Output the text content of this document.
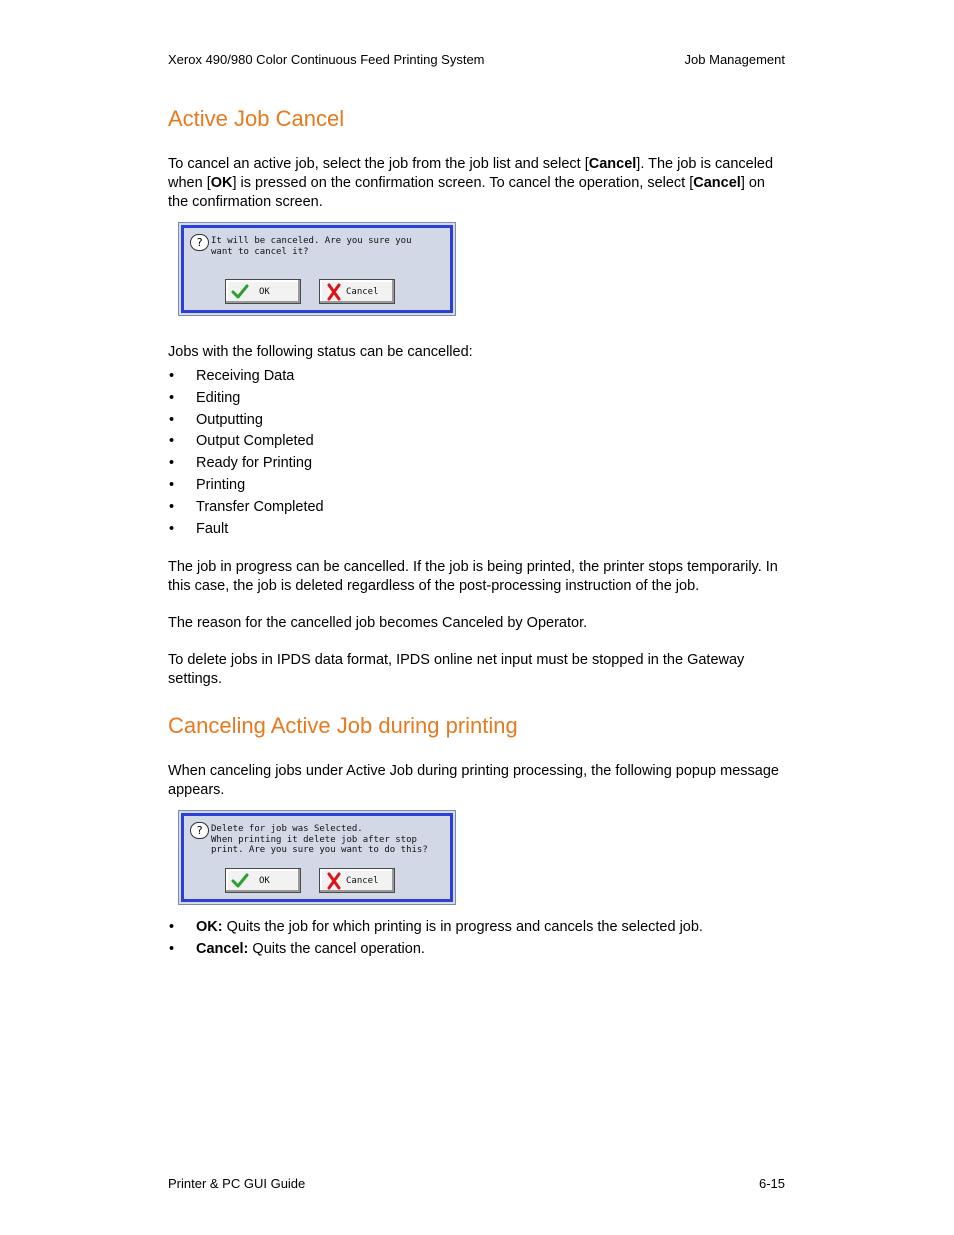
Xerox 490/980 Color Continuous Feed Printing System	Job Management
Active Job Cancel

To cancel an active job, select the job from the job list and select [Cancel]. The job is canceled when [OK] is pressed on the confirmation screen. To cancel the operation, select [Cancel] on the confirmation screen.

? It will be canceled. Are you sure you
want to cancel it?
OK	Cancel

Jobs with the following status can be cancelled:

• Receiving Data
• Editing
• Outputting
• Output Completed
• Ready for Printing
• Printing
• Transfer Completed
• Fault

The job in progress can be cancelled. If the job is being printed, the printer stops temporarily. In this case, the job is deleted regardless of the post-processing instruction of the job.

The reason for the cancelled job becomes Canceled by Operator.

To delete jobs in IPDS data format, IPDS online net input must be stopped in the Gateway settings.

Canceling Active Job during printing

When canceling jobs under Active Job during printing processing, the following popup message appears.

? Delete for job was Selected.
When printing it delete job after stop
print. Are you sure you want to do this?
OK	Cancel
• OK: Quits the job for which printing is in progress and cancels the selected job.
• Cancel: Quits the cancel operation.
Printer & PC GUI Guide	6-15
